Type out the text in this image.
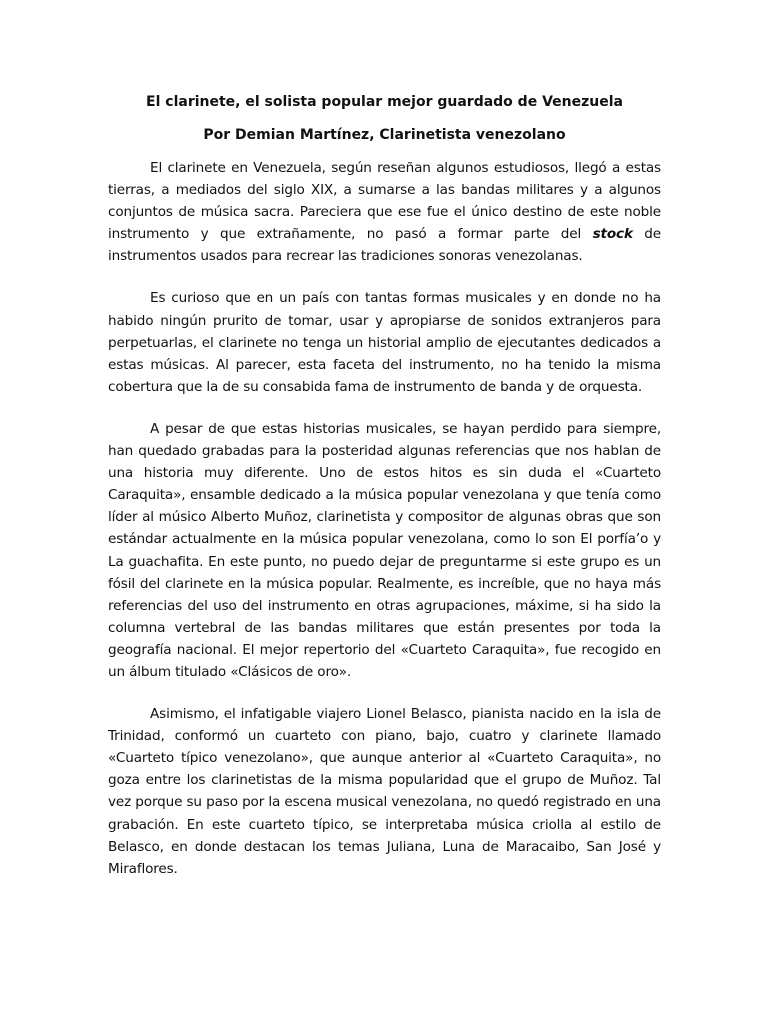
El clarinete, el solista popular mejor guardado de Venezuela
Por Demian Martínez, Clarinetista venezolano

El clarinete en Venezuela, según reseñan algunos estudiosos, llegó a estas tierras, a mediados del siglo XIX, a sumarse a las bandas militares y a algunos conjuntos de música sacra. Pareciera que ese fue el único destino de este noble instrumento y que extrañamente, no pasó a formar parte del stock de instrumentos usados para recrear las tradiciones sonoras venezolanas.

Es curioso que en un país con tantas formas musicales y en donde no ha habido ningún prurito de tomar, usar y apropiarse de sonidos extranjeros para perpetuarlas, el clarinete no tenga un historial amplio de ejecutantes dedicados a estas músicas. Al parecer, esta faceta del instrumento, no ha tenido la misma cobertura que la de su consabida fama de instrumento de banda y de orquesta.

A pesar de que estas historias musicales, se hayan perdido para siempre, han quedado grabadas para la posteridad algunas referencias que nos hablan de una historia muy diferente. Uno de estos hitos es sin duda el «Cuarteto Caraquita», ensamble dedicado a la música popular venezolana y que tenía como líder al músico Alberto Muñoz, clarinetista y compositor de algunas obras que son estándar actualmente en la música popular venezolana, como lo son El porfía’o y La guachafita. En este punto, no puedo dejar de preguntarme si este grupo es un fósil del clarinete en la música popular. Realmente, es increíble, que no haya más referencias del uso del instrumento en otras agrupaciones, máxime, si ha sido la columna vertebral de las bandas militares que están presentes por toda la geografía nacional. El mejor repertorio del «Cuarteto Caraquita», fue recogido en un álbum titulado «Clásicos de oro».

Asimismo, el infatigable viajero Lionel Belasco, pianista nacido en la isla de Trinidad, conformó un cuarteto con piano, bajo, cuatro y clarinete llamado «Cuarteto típico venezolano», que aunque anterior al «Cuarteto Caraquita», no goza entre los clarinetistas de la misma popularidad que el grupo de Muñoz. Tal vez porque su paso por la escena musical venezolana, no quedó registrado en una grabación. En este cuarteto típico, se interpretaba música criolla al estilo de Belasco, en donde destacan los temas Juliana, Luna de Maracaibo, San José y Miraflores.
